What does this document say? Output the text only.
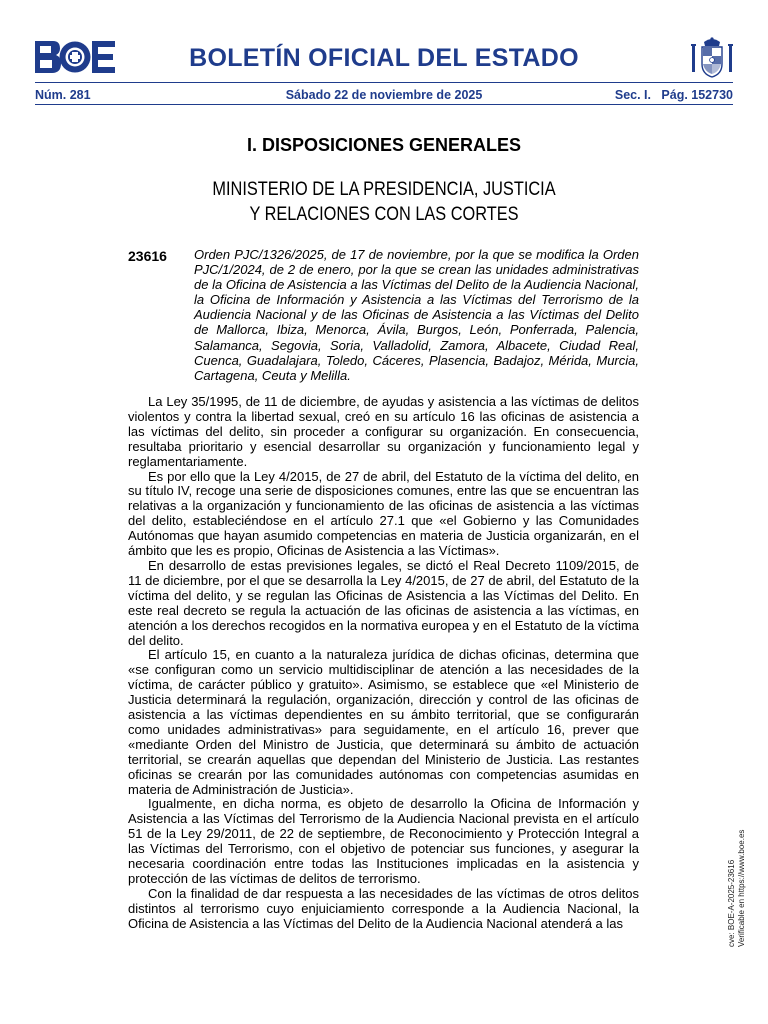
BOLETÍN OFICIAL DEL ESTADO
Núm. 281	Sábado 22 de noviembre de 2025	Sec. I.   Pág. 152730
I. DISPOSICIONES GENERALES
MINISTERIO DE LA PRESIDENCIA, JUSTICIA
Y RELACIONES CON LAS CORTES
23616 Orden PJC/1326/2025, de 17 de noviembre, por la que se modifica la Orden PJC/1/2024, de 2 de enero, por la que se crean las unidades administrativas de la Oficina de Asistencia a las Víctimas del Delito de la Audiencia Nacional, la Oficina de Información y Asistencia a las Víctimas del Terrorismo de la Audiencia Nacional y de las Oficinas de Asistencia a las Víctimas del Delito de Mallorca, Ibiza, Menorca, Ávila, Burgos, León, Ponferrada, Palencia, Salamanca, Segovia, Soria, Valladolid, Zamora, Albacete, Ciudad Real, Cuenca, Guadalajara, Toledo, Cáceres, Plasencia, Badajoz, Mérida, Murcia, Cartagena, Ceuta y Melilla.

La Ley 35/1995, de 11 de diciembre, de ayudas y asistencia a las víctimas de delitos violentos y contra la libertad sexual, creó en su artículo 16 las oficinas de asistencia a las víctimas del delito, sin proceder a configurar su organización. En consecuencia, resultaba prioritario y esencial desarrollar su organización y funcionamiento legal y reglamentariamente.

Es por ello que la Ley 4/2015, de 27 de abril, del Estatuto de la víctima del delito, en su título IV, recoge una serie de disposiciones comunes, entre las que se encuentran las relativas a la organización y funcionamiento de las oficinas de asistencia a las víctimas del delito, estableciéndose en el artículo 27.1 que «el Gobierno y las Comunidades Autónomas que hayan asumido competencias en materia de Justicia organizarán, en el ámbito que les es propio, Oficinas de Asistencia a las Víctimas».

En desarrollo de estas previsiones legales, se dictó el Real Decreto 1109/2015, de 11 de diciembre, por el que se desarrolla la Ley 4/2015, de 27 de abril, del Estatuto de la víctima del delito, y se regulan las Oficinas de Asistencia a las Víctimas del Delito. En este real decreto se regula la actuación de las oficinas de asistencia a las víctimas, en atención a los derechos recogidos en la normativa europea y en el Estatuto de la víctima del delito.

El artículo 15, en cuanto a la naturaleza jurídica de dichas oficinas, determina que «se configuran como un servicio multidisciplinar de atención a las necesidades de la víctima, de carácter público y gratuito». Asimismo, se establece que «el Ministerio de Justicia determinará la regulación, organización, dirección y control de las oficinas de asistencia a las víctimas dependientes en su ámbito territorial, que se configurarán como unidades administrativas» para seguidamente, en el artículo 16, prever que «mediante Orden del Ministro de Justicia, que determinará su ámbito de actuación territorial, se crearán aquellas que dependan del Ministerio de Justicia. Las restantes oficinas se crearán por las comunidades autónomas con competencias asumidas en materia de Administración de Justicia».

Igualmente, en dicha norma, es objeto de desarrollo la Oficina de Información y Asistencia a las Víctimas del Terrorismo de la Audiencia Nacional prevista en el artículo 51 de la Ley 29/2011, de 22 de septiembre, de Reconocimiento y Protección Integral a las Víctimas del Terrorismo, con el objetivo de potenciar sus funciones, y asegurar la necesaria coordinación entre todas las Instituciones implicadas en la asistencia y protección de las víctimas de delitos de terrorismo.

Con la finalidad de dar respuesta a las necesidades de las víctimas de otros delitos distintos al terrorismo cuyo enjuiciamiento corresponde a la Audiencia Nacional, la Oficina de Asistencia a las Víctimas del Delito de la Audiencia Nacional atenderá a las	cve: BOE-A-2025-23616 Verificable en https://www.boe.es
